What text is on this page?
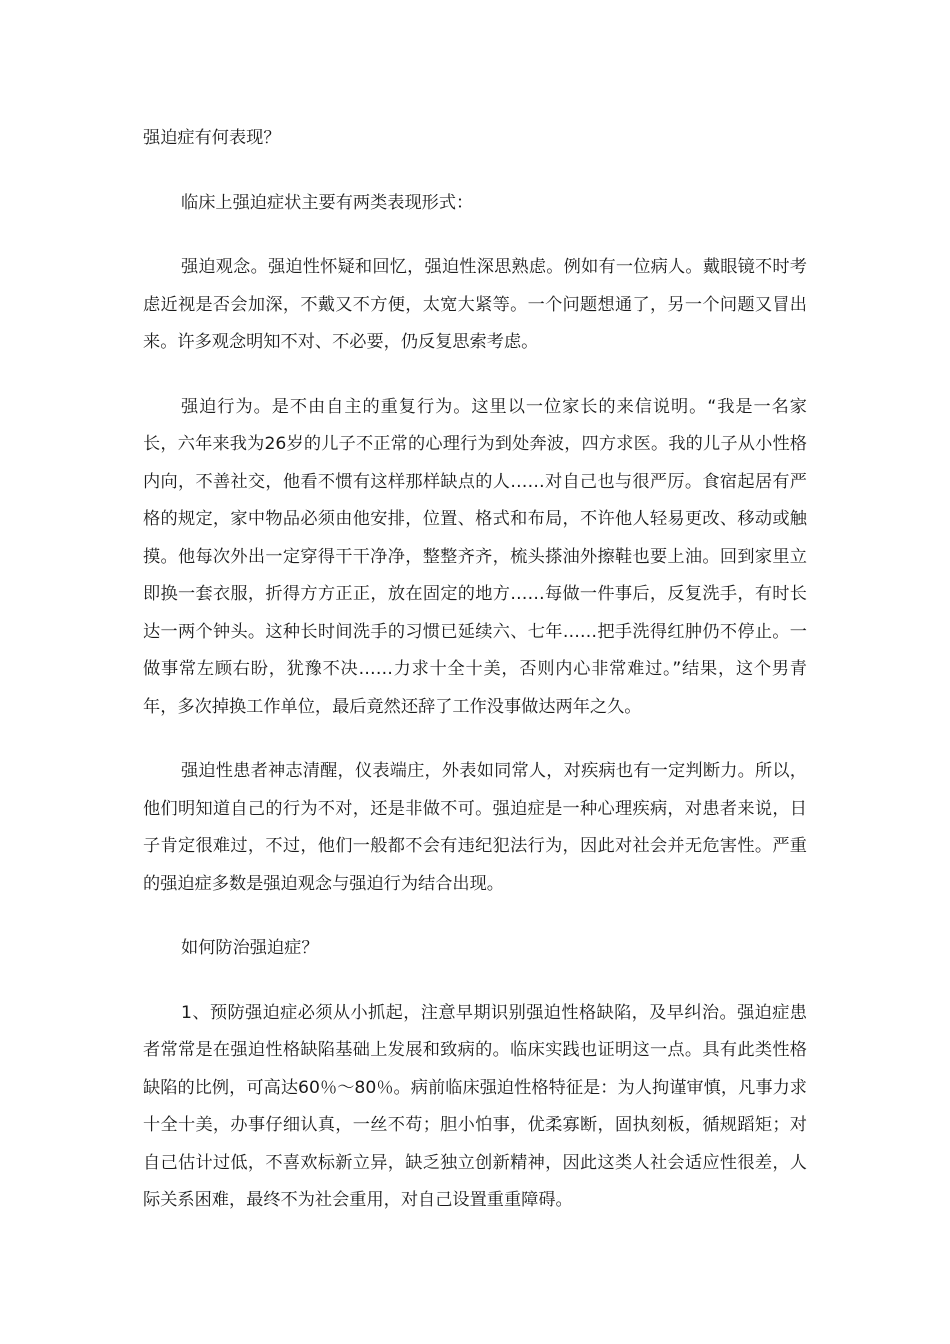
强迫症有何表现？

临床上强迫症状主要有两类表现形式：

强迫观念。强迫性怀疑和回忆，强迫性深思熟虑。例如有一位病人。戴眼镜不时考虑近视是否会加深，不戴又不方便，太宽大紧等。一个问题想通了，另一个问题又冒出来。许多观念明知不对、不必要，仍反复思索考虑。

强迫行为。是不由自主的重复行为。这里以一位家长的来信说明。“我是一名家长，六年来我为26岁的儿子不正常的心理行为到处奔波，四方求医。我的儿子从小性格内向，不善社交，他看不惯有这样那样缺点的人……对自己也与很严厉。食宿起居有严格的规定，家中物品必须由他安排，位置、格式和布局，不许他人轻易更改、移动或触摸。他每次外出一定穿得干干净净，整整齐齐，梳头搽油外擦鞋也要上油。回到家里立即换一套衣服，折得方方正正，放在固定的地方……每做一件事后，反复洗手，有时长达一两个钟头。这种长时间洗手的习惯已延续六、七年……把手洗得红肿仍不停止。一做事常左顾右盼，犹豫不决……力求十全十美，否则内心非常难过。”结果，这个男青年，多次掉换工作单位，最后竟然还辞了工作没事做达两年之久。

强迫性患者神志清醒，仪表端庄，外表如同常人，对疾病也有一定判断力。所以，他们明知道自己的行为不对，还是非做不可。强迫症是一种心理疾病，对患者来说，日子肯定很难过，不过，他们一般都不会有违纪犯法行为，因此对社会并无危害性。严重的强迫症多数是强迫观念与强迫行为结合出现。

如何防治强迫症？

1、预防强迫症必须从小抓起，注意早期识别强迫性格缺陷，及早纠治。强迫症患者常常是在强迫性格缺陷基础上发展和致病的。临床实践也证明这一点。具有此类性格缺陷的比例，可高达60％～80％。病前临床强迫性格特征是：为人拘谨审慎，凡事力求十全十美，办事仔细认真，一丝不苟；胆小怕事，优柔寡断，固执刻板，循规蹈矩；对自己估计过低，不喜欢标新立异，缺乏独立创新精神，因此这类人社会适应性很差，人际关系困难，最终不为社会重用，对自己设置重重障碍。
